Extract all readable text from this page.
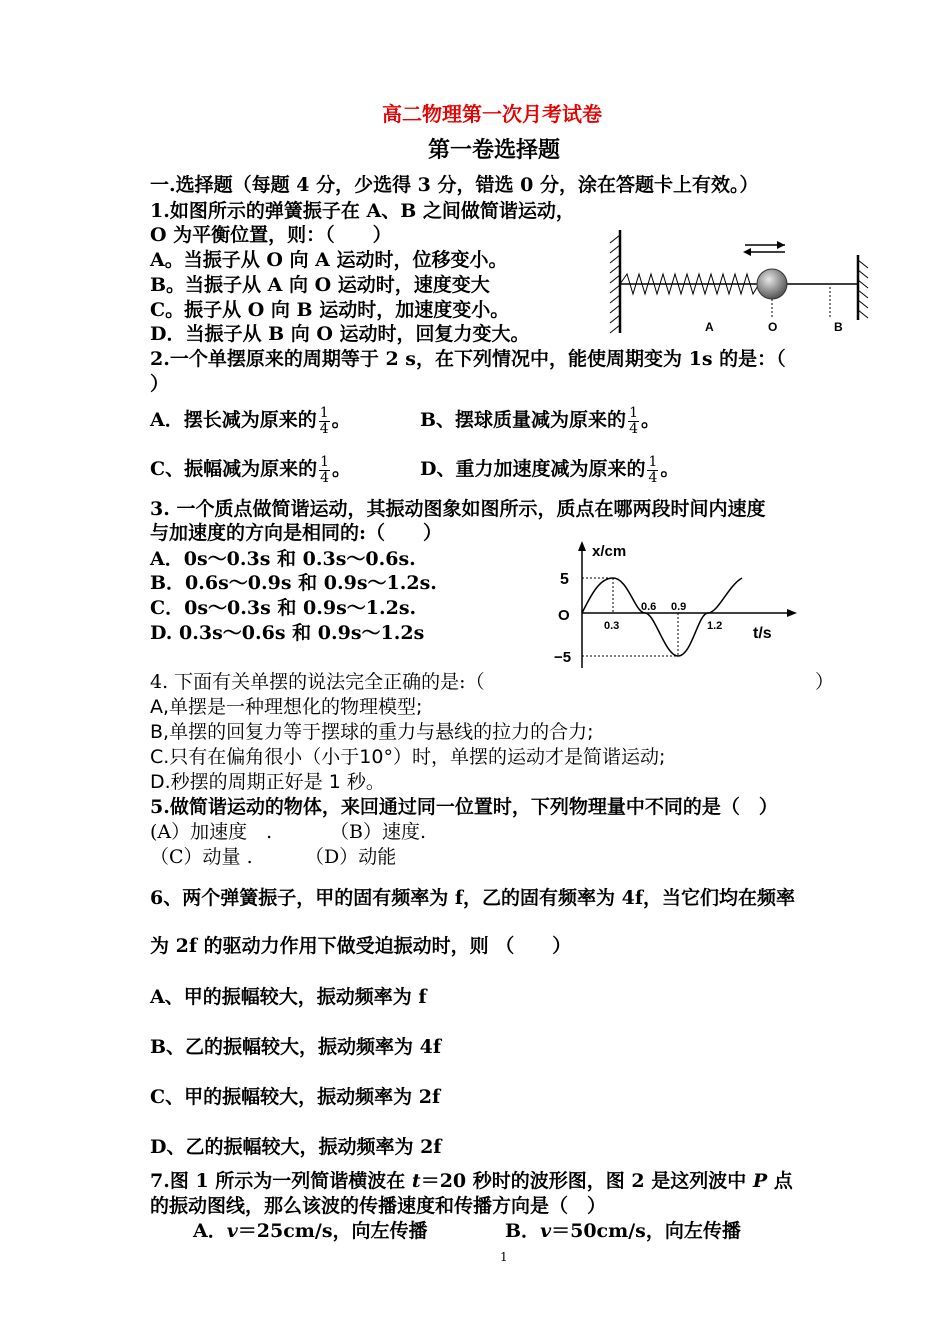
高二物理第一次月考试卷
第一卷选择题
一.选择题（每题 4 分，少选得 3 分，错选 0 分，涂在答题卡上有效。）
1.如图所示的弹簧振子在 A、B 之间做简谐运动，
O 为平衡位置，则：（　　）
A。当振子从 O 向 A 运动时，位移变小。
B。当振子从 A 向 O 运动时，速度变大
C。振子从 O 向 B 运动时，加速度变小。
D．当振子从 B 向 O 运动时，回复力变大。	A	O	B
2.一个单摆原来的周期等于 2 s，在下列情况中，能使周期变为 1s 的是：（
）
A．摆长减为原来的 $\frac{1}{4}$ 。	B、摆球质量减为原来的 $\frac{1}{4}$ 。
C、振幅减为原来的 $\frac{1}{4}$ 。	D、重力加速度减为原来的 $\frac{1}{4}$ 。
3. 一个质点做简谐运动，其振动图象如图所示，质点在哪两段时间内速度
与加速度的方向是相同的:（　　）
A．0s～0.3s 和 0.3s～0.6s.
B．0.6s～0.9s 和 0.9s～1.2s.
C．0s～0.3s 和 0.9s～1.2s.
D. 0.3s～0.6s 和 0.9s～1.2s
x/cm
5
O
−5
0.3
0.6 0.9
1.2 t/s
4. 下面有关单摆的说法完全正确的是:（	）
A,单摆是一种理想化的物理模型;
B,单摆的回复力等于摆球的重力与悬线的拉力的合力;
C.只有在偏角很小（小于10°）时，单摆的运动才是简谐运动;
D.秒摆的周期正好是 1 秒。
5.做简谐运动的物体，来回通过同一位置时，下列物理量中不同的是（　）
(A）加速度　.	（B）速度.
（C）动量 .	（D）动能
6、两个弹簧振子，甲的固有频率为 f，乙的固有频率为 4f，当它们均在频率
为 2f 的驱动力作用下做受迫振动时，则 （　　）
A、甲的振幅较大，振动频率为 f
B、乙的振幅较大，振动频率为 4f
C、甲的振幅较大，振动频率为 2f
D、乙的振幅较大，振动频率为 2f
7.图 1 所示为一列简谐横波在 t＝20 秒时的波形图，图 2 是这列波中 P 点
的振动图线，那么该波的传播速度和传播方向是（　）
A．v＝25cm/s，向左传播	B．v＝50cm/s，向左传播
1
